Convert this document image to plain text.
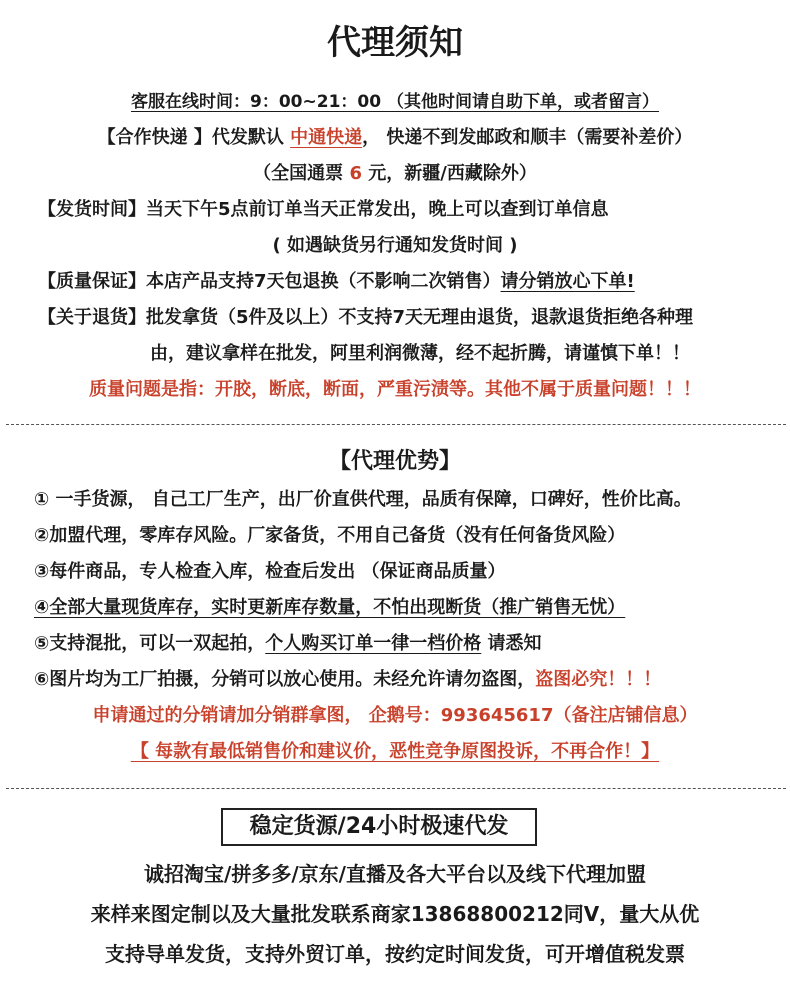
代理须知
客服在线时间：9：00~21：00 （其他时间请自助下单，或者留言）
【合作快递 】代发默认 中通快递， 快递不到发邮政和顺丰（需要补差价）
（全国通票 6 元，新疆/西藏除外）
【发货时间】当天下午5点前订单当天正常发出，晚上可以查到订单信息
( 如遇缺货另行通知发货时间 )
【质量保证】本店产品支持7天包退换（不影响二次销售）请分销放心下单!
【关于退货】批发拿货（5件及以上）不支持7天无理由退货，退款退货拒绝各种理
由，建议拿样在批发，阿里利润微薄，经不起折腾，请谨慎下单！！
质量问题是指：开胶，断底，断面，严重污渍等。其他不属于质量问题！！！
【代理优势】
① 一手货源， 自己工厂生产，出厂价直供代理，品质有保障，口碑好，性价比高。
②加盟代理，零库存风险。厂家备货，不用自己备货（没有任何备货风险）
③每件商品，专人检查入库，检查后发出 （保证商品质量）
④全部大量现货库存，实时更新库存数量，不怕出现断货（推广销售无忧）
⑤支持混批，可以一双起拍，个人购买订单一律一档价格 请悉知
⑥图片均为工厂拍摄，分销可以放心使用。未经允许请勿盗图，盗图必究！！！
申请通过的分销请加分销群拿图， 企鹅号：993645617（备注店铺信息）
【 每款有最低销售价和建议价，恶性竞争原图投诉，不再合作！】
稳定货源/24小时极速代发
诚招淘宝/拼多多/京东/直播及各大平台以及线下代理加盟
来样来图定制以及大量批发联系商家13868800212同V，量大从优
支持导单发货，支持外贸订单，按约定时间发货，可开增值税发票
